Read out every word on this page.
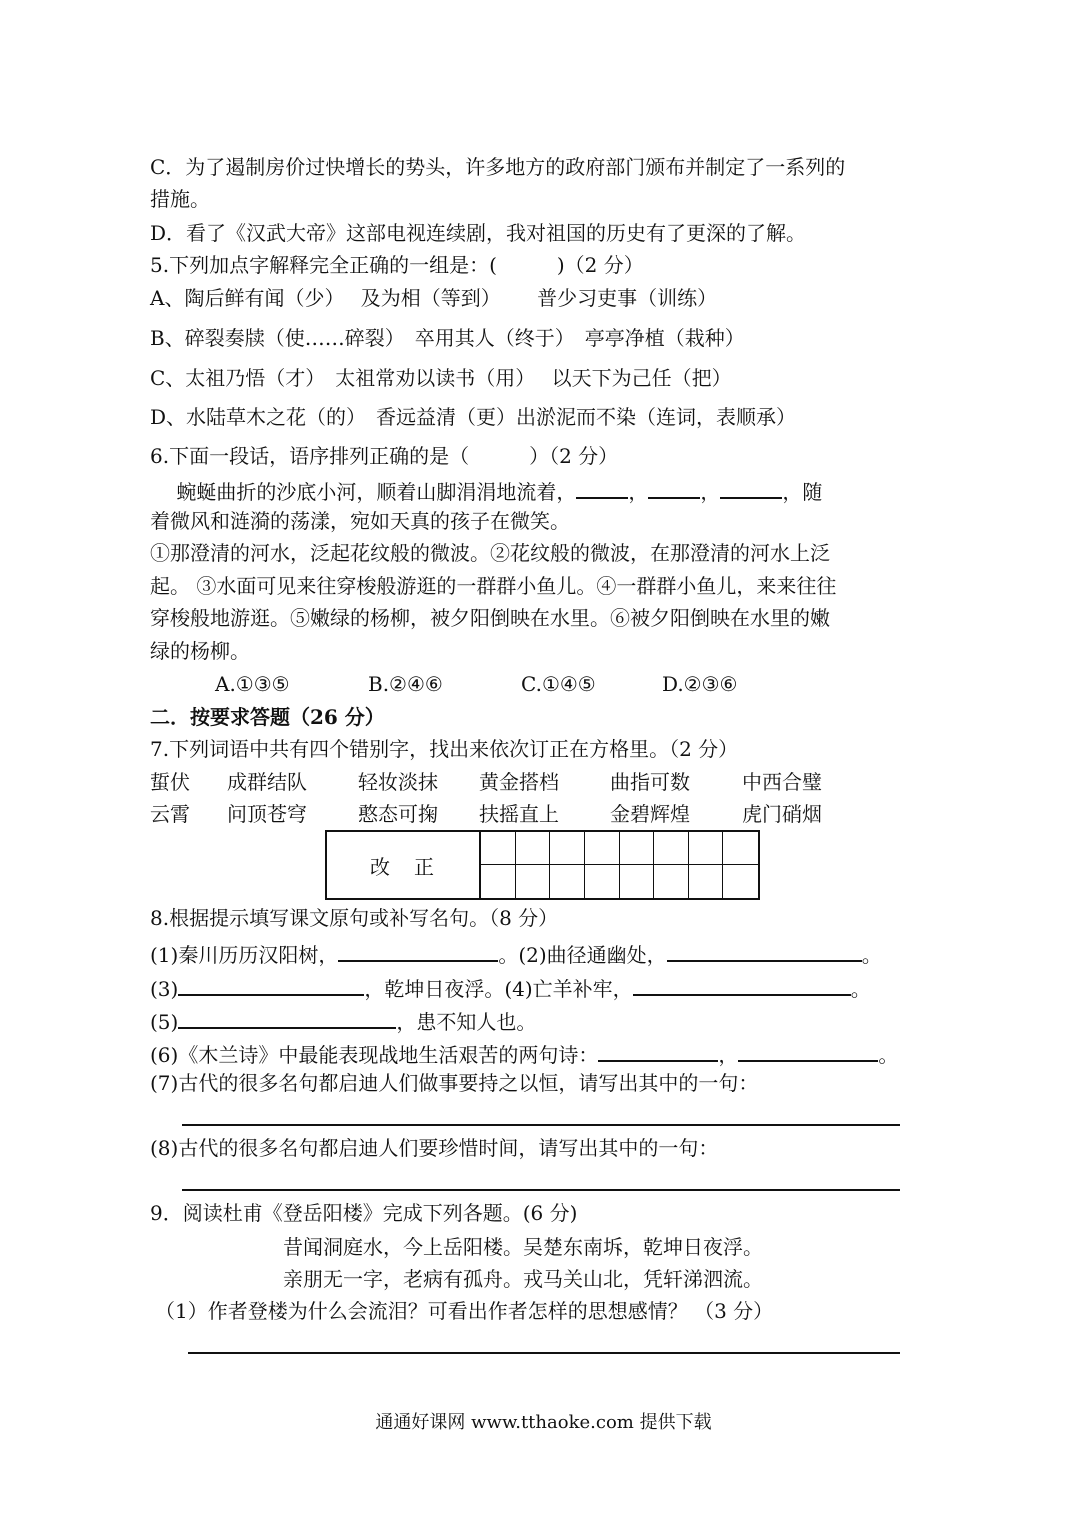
C．为了遏制房价过快增长的势头，许多地方的政府部门颁布并制定了一系列的
措施。
D．看了《汉武大帝》这部电视连续剧，我对祖国的历史有了更深的了解。
5.下列加点字解释完全正确的一组是：(　　　)（2 分）
A、陶后鲜有闻（少）　 及为相（等到）　　 普少习吏事（训练）
B、碎裂奏牍（使……碎裂）　卒用其人（终于）　亭亭净植（栽种）
C、太祖乃悟（才）　太祖常劝以读书（用）　 以天下为己任（把）
D、水陆草木之花（的）　香远益清（更）出淤泥而不染（连词，表顺承）
6.下面一段话，语序排列正确的是（　　　）（2 分）
　 蜿蜒曲折的沙底小河，顺着山脚涓涓地流着，	，	，	，随
着微风和涟漪的荡漾，宛如天真的孩子在微笑。
①那澄清的河水，泛起花纹般的微波。②花纹般的微波，在那澄清的河水上泛
起。 ③水面可见来往穿梭般游逛的一群群小鱼儿。④一群群小鱼儿，来来往往
穿梭般地游逛。⑤嫩绿的杨柳，被夕阳倒映在水里。⑥被夕阳倒映在水里的嫩
绿的杨柳。
A.①③⑤	B.②④⑥	C.①④⑤	D.②③⑥
二．按要求答题（26 分）
7.下列词语中共有四个错别字，找出来依次订正在方格里。（2 分）
蜇伏 成群结队	轻妆淡抹 黄金搭档	曲指可数	中西合璧
云霄 问顶苍穹	憨态可掬 扶摇直上	金碧辉煌	虎门硝烟
改　正
8.根据提示填写课文原句或补写名句。（8 分）
(1)秦川历历汉阳树，	。(2)曲径通幽处，	。
(3)	，乾坤日夜浮。(4)亡羊补牢，	。
(5)	，患不知人也。
(6)《木兰诗》中最能表现战地生活艰苦的两句诗：	，	。
(7)古代的很多名句都启迪人们做事要持之以恒，请写出其中的一句：
(8)古代的很多名句都启迪人们要珍惜时间，请写出其中的一句：
9．阅读杜甫《登岳阳楼》完成下列各题。(6 分)
昔闻洞庭水，今上岳阳楼。吴楚东南坼，乾坤日夜浮。
亲朋无一字，老病有孤舟。戎马关山北，凭轩涕泗流。
（1）作者登楼为什么会流泪？可看出作者怎样的思想感情？ （3 分）
通通好课网 www.tthaoke.com 提供下载
